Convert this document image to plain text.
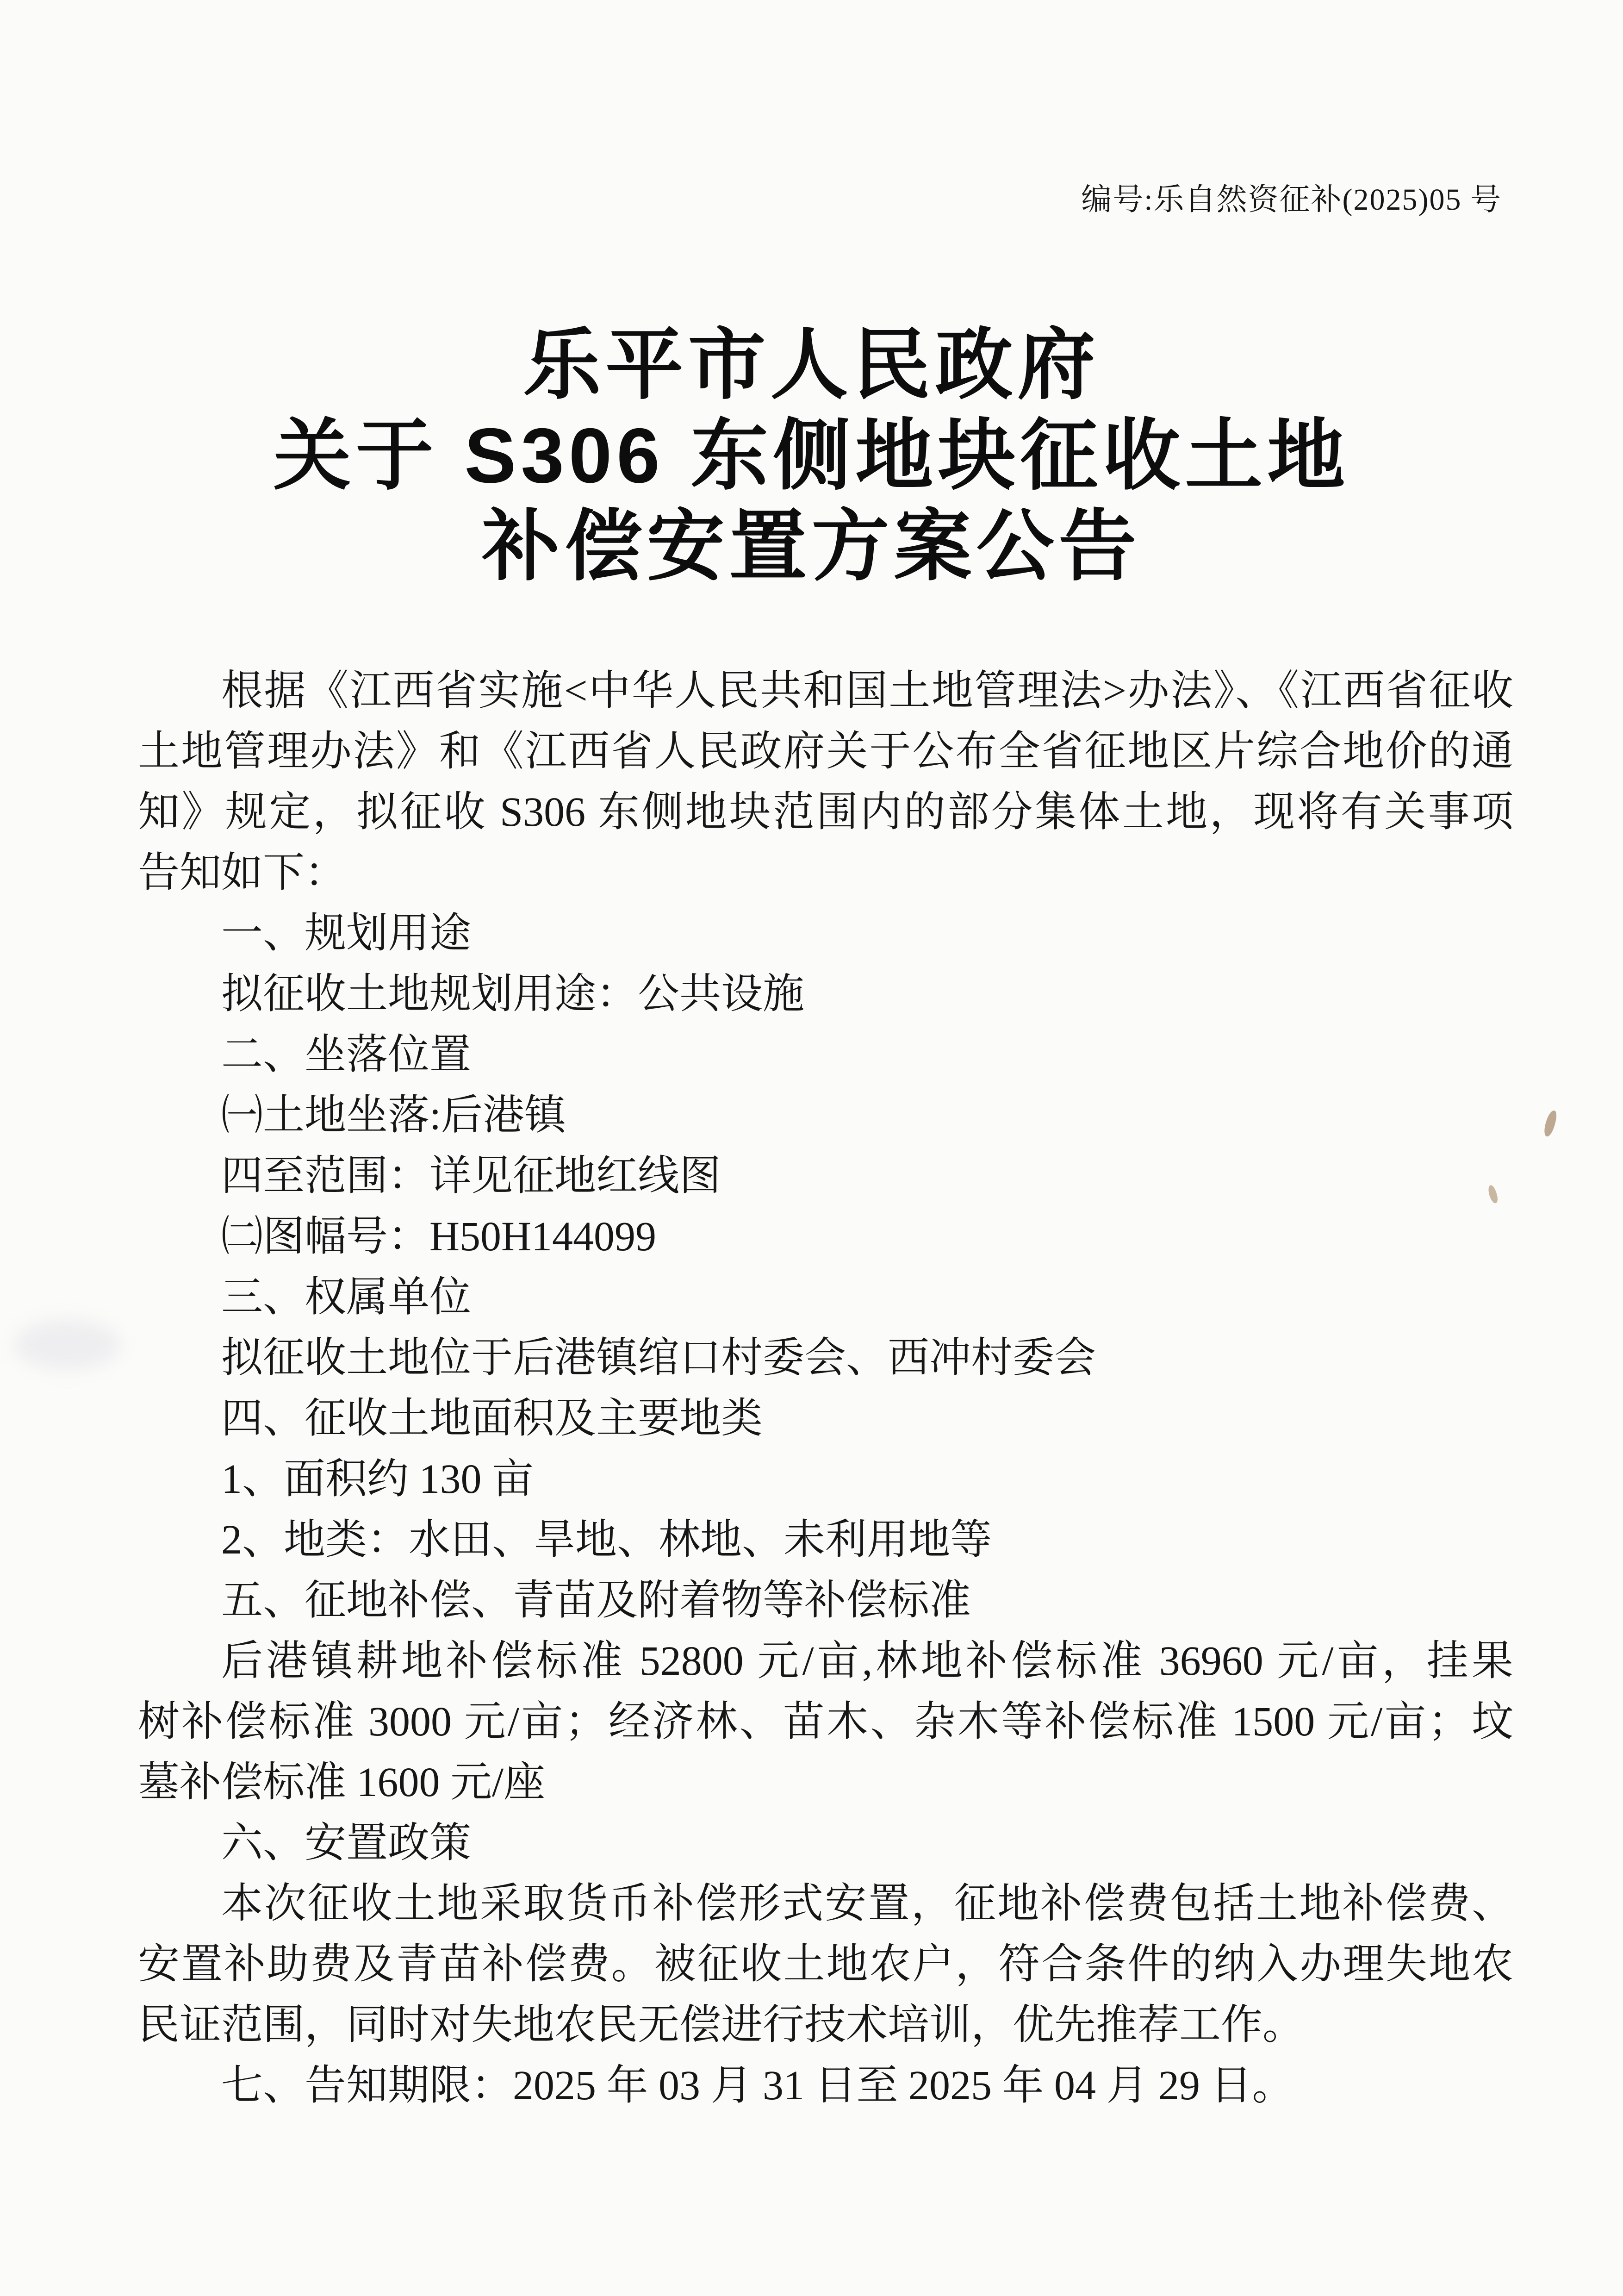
编号:乐自然资征补(2025)05 号
乐平市人民政府
关于 S306 东侧地块征收土地
补偿安置方案公告
根据《江西省实施<中华人民共和国土地管理法>办法》、《江西省征收
土地管理办法》和《江西省人民政府关于公布全省征地区片综合地价的通
知》规定，拟征收 S306 东侧地块范围内的部分集体土地，现将有关事项
告知如下：
一、规划用途
拟征收土地规划用途：公共设施
二、坐落位置
㈠土地坐落:后港镇
四至范围：详见征地红线图
㈡图幅号：H50H144099
三、权属单位
拟征收土地位于后港镇绾口村委会、西冲村委会
四、征收土地面积及主要地类
1、面积约 130 亩
2、地类：水田、旱地、林地、未利用地等
五、征地补偿、青苗及附着物等补偿标准
后港镇耕地补偿标准 52800 元/亩,林地补偿标准 36960 元/亩，挂果
树补偿标准 3000 元/亩；经济林、苗木、杂木等补偿标准 1500 元/亩；坟
墓补偿标准 1600 元/座
六、安置政策
本次征收土地采取货币补偿形式安置，征地补偿费包括土地补偿费、
安置补助费及青苗补偿费。被征收土地农户，符合条件的纳入办理失地农
民证范围，同时对失地农民无偿进行技术培训，优先推荐工作。
七、告知期限：2025 年 03 月 31 日至 2025 年 04 月 29 日。
